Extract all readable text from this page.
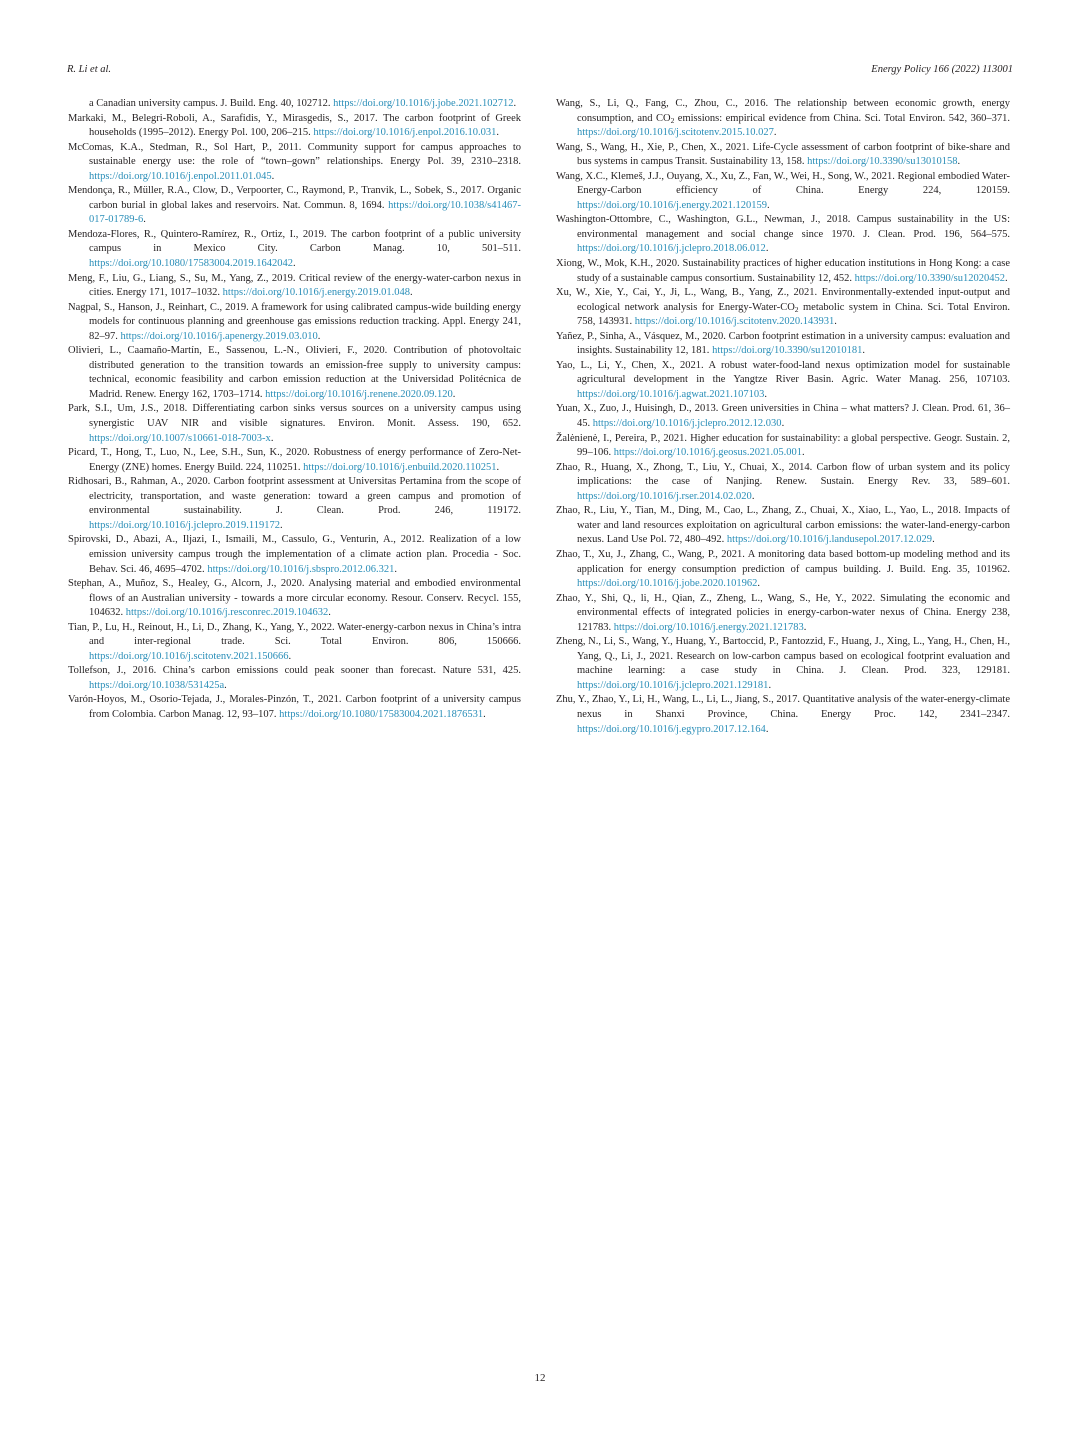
R. Li et al.	Energy Policy 166 (2022) 113001

a Canadian university campus. J. Build. Eng. 40, 102712. https://doi.org/10.1016/j.jobe.2021.102712.

Markaki, M., Belegri-Roboli, A., Sarafidis, Y., Mirasgedis, S., 2017. The carbon footprint of Greek households (1995–2012). Energy Pol. 100, 206–215. https://doi.org/10.1016/j.enpol.2016.10.031.

McComas, K.A., Stedman, R., Sol Hart, P., 2011. Community support for campus approaches to sustainable energy use: the role of “town–gown” relationships. Energy Pol. 39, 2310–2318. https://doi.org/10.1016/j.enpol.2011.01.045.

Mendonça, R., Müller, R.A., Clow, D., Verpoorter, C., Raymond, P., Tranvik, L., Sobek, S., 2017. Organic carbon burial in global lakes and reservoirs. Nat. Commun. 8, 1694. https://doi.org/10.1038/s41467-017-01789-6.

Mendoza-Flores, R., Quintero-Ramírez, R., Ortiz, I., 2019. The carbon footprint of a public university campus in Mexico City. Carbon Manag. 10, 501–511. https://doi.org/10.1080/17583004.2019.1642042.

Meng, F., Liu, G., Liang, S., Su, M., Yang, Z., 2019. Critical review of the energy-water-carbon nexus in cities. Energy 171, 1017–1032. https://doi.org/10.1016/j.energy.2019.01.048.

Nagpal, S., Hanson, J., Reinhart, C., 2019. A framework for using calibrated campus-wide building energy models for continuous planning and greenhouse gas emissions reduction tracking. Appl. Energy 241, 82–97. https://doi.org/10.1016/j.apenergy.2019.03.010.

Olivieri, L., Caamaño-Martín, E., Sassenou, L.-N., Olivieri, F., 2020. Contribution of photovoltaic distributed generation to the transition towards an emission-free supply to university campus: technical, economic feasibility and carbon emission reduction at the Universidad Politécnica de Madrid. Renew. Energy 162, 1703–1714. https://doi.org/10.1016/j.renene.2020.09.120.

Park, S.I., Um, J.S., 2018. Differentiating carbon sinks versus sources on a university campus using synergistic UAV NIR and visible signatures. Environ. Monit. Assess. 190, 652. https://doi.org/10.1007/s10661-018-7003-x.

Picard, T., Hong, T., Luo, N., Lee, S.H., Sun, K., 2020. Robustness of energy performance of Zero-Net-Energy (ZNE) homes. Energy Build. 224, 110251. https://doi.org/10.1016/j.enbuild.2020.110251.

Ridhosari, B., Rahman, A., 2020. Carbon footprint assessment at Universitas Pertamina from the scope of electricity, transportation, and waste generation: toward a green campus and promotion of environmental sustainability. J. Clean. Prod. 246, 119172. https://doi.org/10.1016/j.jclepro.2019.119172.

Spirovski, D., Abazi, A., Iljazi, I., Ismaili, M., Cassulo, G., Venturin, A., 2012. Realization of a low emission university campus trough the implementation of a climate action plan. Procedia - Soc. Behav. Sci. 46, 4695–4702. https://doi.org/10.1016/j.sbspro.2012.06.321.

Stephan, A., Muñoz, S., Healey, G., Alcorn, J., 2020. Analysing material and embodied environmental flows of an Australian university - towards a more circular economy. Resour. Conserv. Recycl. 155, 104632. https://doi.org/10.1016/j.resconrec.2019.104632.

Tian, P., Lu, H., Reinout, H., Li, D., Zhang, K., Yang, Y., 2022. Water-energy-carbon nexus in China’s intra and inter-regional trade. Sci. Total Environ. 806, 150666. https://doi.org/10.1016/j.scitotenv.2021.150666.

Tollefson, J., 2016. China’s carbon emissions could peak sooner than forecast. Nature 531, 425. https://doi.org/10.1038/531425a.

Varón-Hoyos, M., Osorio-Tejada, J., Morales-Pinzón, T., 2021. Carbon footprint of a university campus from Colombia. Carbon Manag. 12, 93–107. https://doi.org/10.1080/17583004.2021.1876531.

Wang, S., Li, Q., Fang, C., Zhou, C., 2016. The relationship between economic growth, energy consumption, and $CO_2$ emissions: empirical evidence from China. Sci. Total Environ. 542, 360–371. https://doi.org/10.1016/j.scitotenv.2015.10.027.

Wang, S., Wang, H., Xie, P., Chen, X., 2021. Life-Cycle assessment of carbon footprint of bike-share and bus systems in campus Transit. Sustainability 13, 158. https://doi.org/10.3390/su13010158.

Wang, X.C., Klemeš, J.J., Ouyang, X., Xu, Z., Fan, W., Wei, H., Song, W., 2021. Regional embodied Water-Energy-Carbon efficiency of China. Energy 224, 120159. https://doi.org/10.1016/j.energy.2021.120159.

Washington-Ottombre, C., Washington, G.L., Newman, J., 2018. Campus sustainability in the US: environmental management and social change since 1970. J. Clean. Prod. 196, 564–575. https://doi.org/10.1016/j.jclepro.2018.06.012.

Xiong, W., Mok, K.H., 2020. Sustainability practices of higher education institutions in Hong Kong: a case study of a sustainable campus consortium. Sustainability 12, 452. https://doi.org/10.3390/su12020452.

Xu, W., Xie, Y., Cai, Y., Ji, L., Wang, B., Yang, Z., 2021. Environmentally-extended input-output and ecological network analysis for Energy-$Water-CO_2$ metabolic system in China. Sci. Total Environ. 758, 143931. https://doi.org/10.1016/j.scitotenv.2020.143931.

Yañez, P., Sinha, A., Vásquez, M., 2020. Carbon footprint estimation in a university campus: evaluation and insights. Sustainability 12, 181. https://doi.org/10.3390/su12010181.

Yao, L., Li, Y., Chen, X., 2021. A robust water-food-land nexus optimization model for sustainable agricultural development in the Yangtze River Basin. Agric. Water Manag. 256, 107103. https://doi.org/10.1016/j.agwat.2021.107103.

Yuan, X., Zuo, J., Huisingh, D., 2013. Green universities in China – what matters? J. Clean. Prod. 61, 36–45. https://doi.org/10.1016/j.jclepro.2012.12.030.

Žalėnienė, I., Pereira, P., 2021. Higher education for sustainability: a global perspective. Geogr. Sustain. 2, 99–106. https://doi.org/10.1016/j.geosus.2021.05.001.

Zhao, R., Huang, X., Zhong, T., Liu, Y., Chuai, X., 2014. Carbon flow of urban system and its policy implications: the case of Nanjing. Renew. Sustain. Energy Rev. 33, 589–601. https://doi.org/10.1016/j.rser.2014.02.020.

Zhao, R., Liu, Y., Tian, M., Ding, M., Cao, L., Zhang, Z., Chuai, X., Xiao, L., Yao, L., 2018. Impacts of water and land resources exploitation on agricultural carbon emissions: the water-land-energy-carbon nexus. Land Use Pol. 72, 480–492. https://doi.org/10.1016/j.landusepol.2017.12.029.

Zhao, T., Xu, J., Zhang, C., Wang, P., 2021. A monitoring data based bottom-up modeling method and its application for energy consumption prediction of campus building. J. Build. Eng. 35, 101962. https://doi.org/10.1016/j.jobe.2020.101962.

Zhao, Y., Shi, Q., li, H., Qian, Z., Zheng, L., Wang, S., He, Y., 2022. Simulating the economic and environmental effects of integrated policies in energy-carbon-water nexus of China. Energy 238, 121783. https://doi.org/10.1016/j.energy.2021.121783.

Zheng, N., Li, S., Wang, Y., Huang, Y., Bartoccid, P., Fantozzid, F., Huang, J., Xing, L., Yang, H., Chen, H., Yang, Q., Li, J., 2021. Research on low-carbon campus based on ecological footprint evaluation and machine learning: a case study in China. J. Clean. Prod. 323, 129181. https://doi.org/10.1016/j.jclepro.2021.129181.

Zhu, Y., Zhao, Y., Li, H., Wang, L., Li, L., Jiang, S., 2017. Quantitative analysis of the water-energy-climate nexus in Shanxi Province, China. Energy Proc. 142, 2341–2347. https://doi.org/10.1016/j.egypro.2017.12.164.

12
